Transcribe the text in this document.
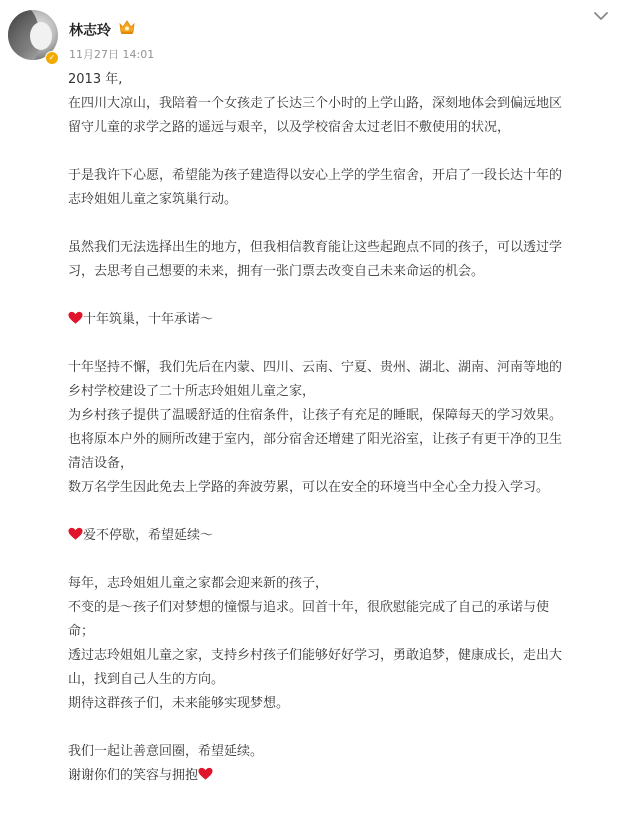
✓
林志玲
11月27日 14:01

2013 年,

在四川大凉山，我陪着一个女孩走了长达三个小时的上学山路，深刻地体会到偏远地区

留守儿童的求学之路的遥远与艰辛，以及学校宿舍太过老旧不敷使用的状况，

于是我许下心愿，希望能为孩子建造得以安心上学的学生宿舍，开启了一段长达十年的

志玲姐姐儿童之家筑巢行动。

虽然我们无法选择出生的地方，但我相信教育能让这些起跑点不同的孩子，可以透过学

习，去思考自己想要的未来，拥有一张门票去改变自己未来命运的机会。

十年筑巢，十年承诺～

十年坚持不懈，我们先后在内蒙、四川、云南、宁夏、贵州、湖北、湖南、河南等地的

乡村学校建设了二十所志玲姐姐儿童之家，

为乡村孩子提供了温暖舒适的住宿条件，让孩子有充足的睡眠，保障每天的学习效果。

也将原本户外的厕所改建于室内，部分宿舍还增建了阳光浴室，让孩子有更干净的卫生

清洁设备，

数万名学生因此免去上学路的奔波劳累，可以在安全的环境当中全心全力投入学习。

爱不停歇，希望延续～

每年，志玲姐姐儿童之家都会迎来新的孩子，

不变的是～孩子们对梦想的憧憬与追求。回首十年，很欣慰能完成了自己的承诺与使

命；

透过志玲姐姐儿童之家，支持乡村孩子们能够好好学习，勇敢追梦，健康成长，走出大

山，找到自己人生的方向。

期待这群孩子们，未来能够实现梦想。

我们一起让善意回圈，希望延续。

谢谢你们的笑容与拥抱
